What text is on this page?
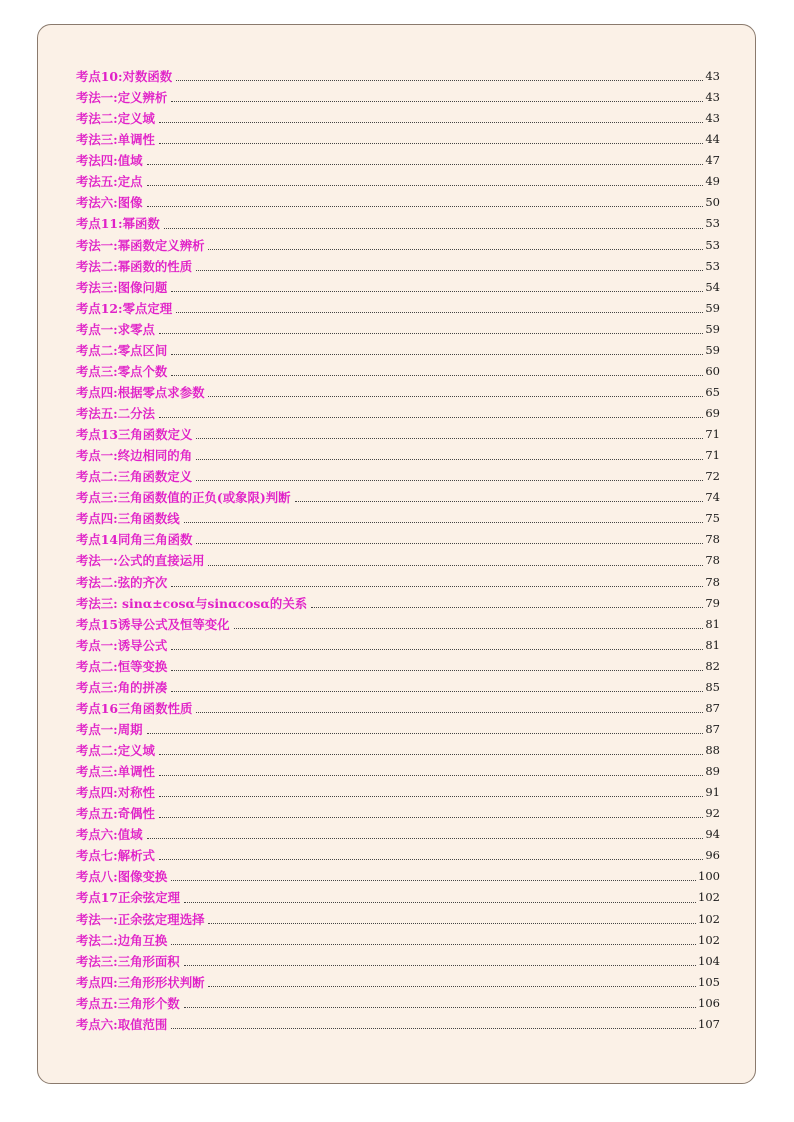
考点10:对数函数	43
考法一:定义辨析	43
考法二:定义域	43
考法三:单调性	44
考法四:值域	47
考法五:定点	49
考法六:图像	50
考点11:幂函数	53
考法一:幂函数定义辨析	53
考法二:幂函数的性质	53
考法三:图像问题	54
考点12:零点定理	59
考点一:求零点	59
考点二:零点区间	59
考点三:零点个数	60
考点四:根据零点求参数	65
考法五:二分法	69
考点13三角函数定义	71
考点一:终边相同的角	71
考点二:三角函数定义	72
考点三:三角函数值的正负(或象限)判断	74
考点四:三角函数线	75
考点14同角三角函数	78
考法一:公式的直接运用	78
考法二:弦的齐次	78
考法三: sinα±cosα与sinαcosα的关系	79
考点15诱导公式及恒等变化	81
考点一:诱导公式	81
考点二:恒等变换	82
考点三:角的拼凑	85
考点16三角函数性质	87
考点一:周期	87
考点二:定义域	88
考点三:单调性	89
考点四:对称性	91
考点五:奇偶性	92
考点六:值域	94
考点七:解析式	96
考点八:图像变换	100
考点17正余弦定理	102
考法一:正余弦定理选择	102
考法二:边角互换	102
考法三:三角形面积	104
考点四:三角形形状判断	105
考点五:三角形个数	106
考点六:取值范围	107
